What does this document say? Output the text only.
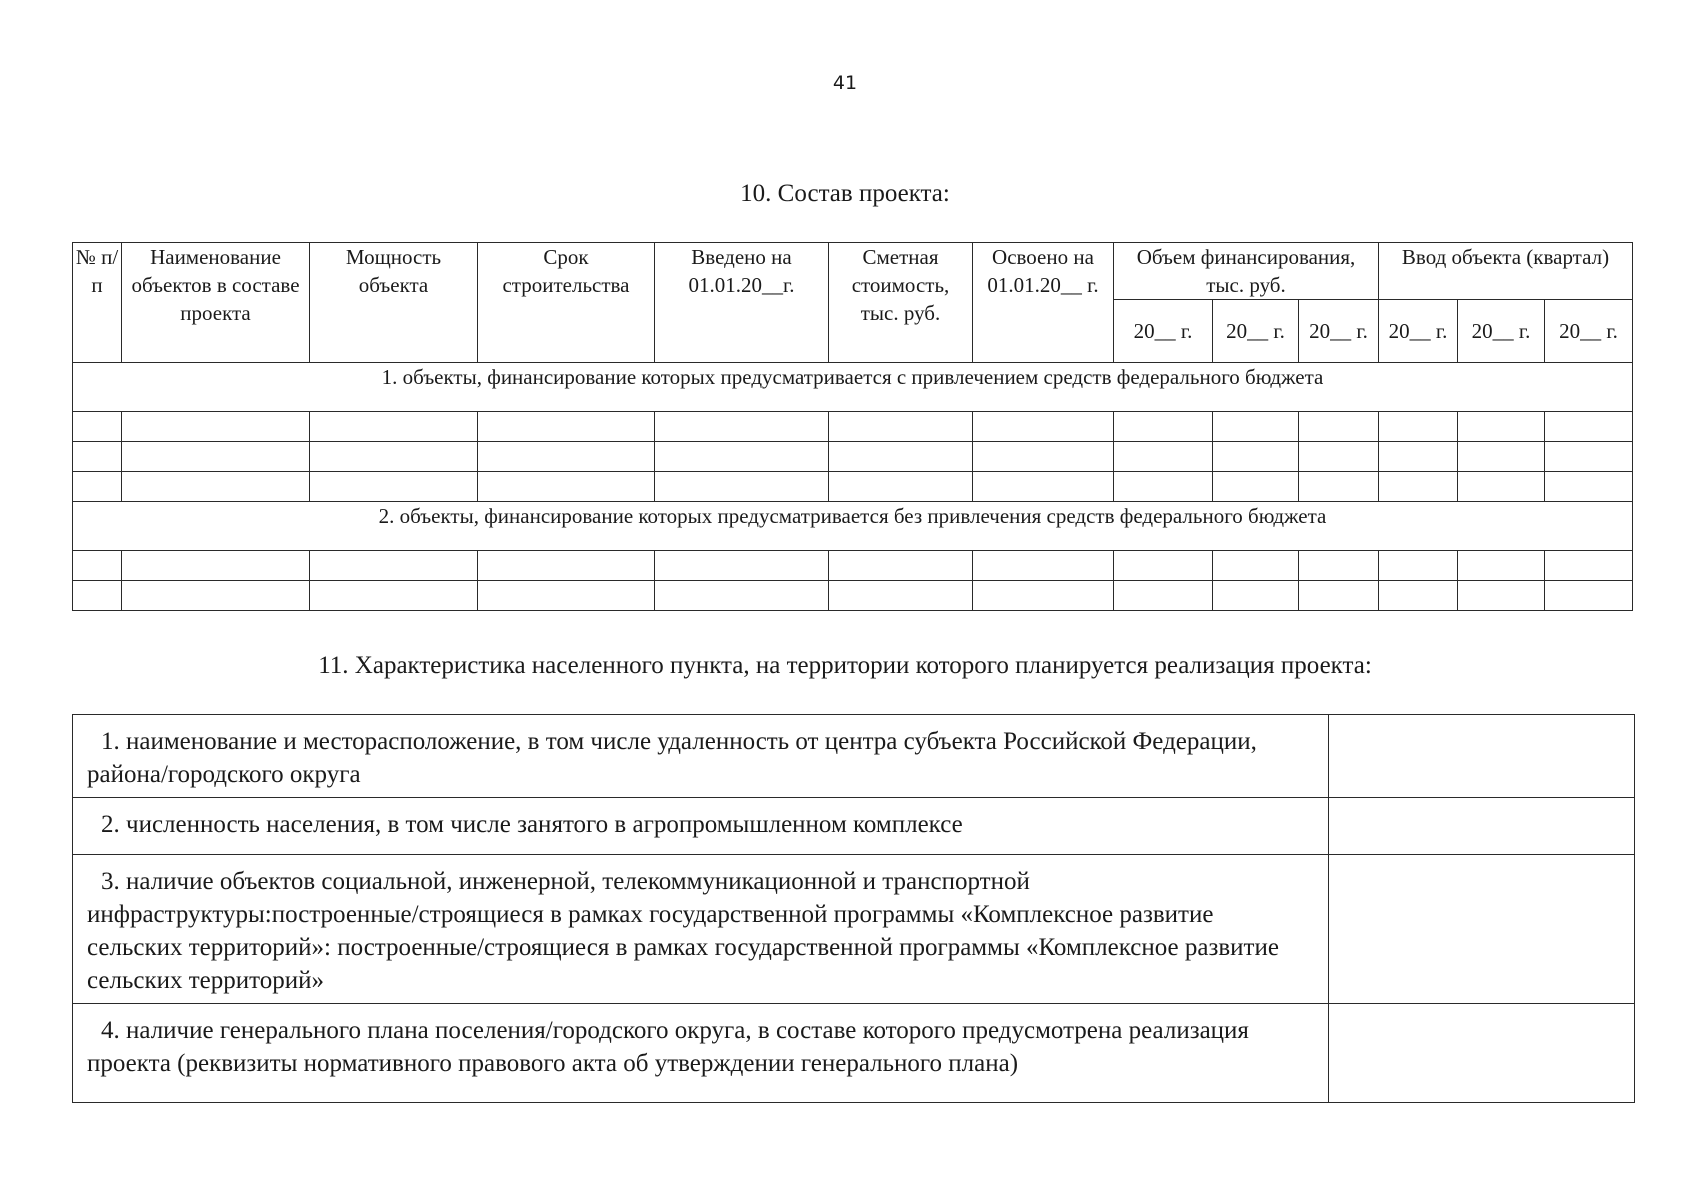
41
10. Состав проекта:
№ п/п	Наименование объектов в составе проекта	Мощность объекта	Срок строительства	Введено на 01.01.20__г.	Сметная стоимость, тыс. руб.	Освоено на 01.01.20__ г.	Объем финансирования, тыс. руб.			Ввод объекта (квартал)		
							20__ г.	20__ г.	20__ г.	20__ г.	20__ г.	20__ г.
1. объекты, финансирование которых предусматривается с привлечением средств федерального бюджета												

2. объекты, финансирование которых предусматривается без привлечения средств федерального бюджета												

11. Характеристика населенного пункта, на территории которого планируется реализация проекта:
1. наименование и месторасположение, в том числе удаленность от центра субъекта Российской Федерации, района/городского округа	
2. численность населения, в том числе занятого в агропромышленном комплексе	
3. наличие объектов социальной, инженерной, телекоммуникационной и транспортной инфраструктуры:построенные/строящиеся в рамках государственной программы «Комплексное развитие сельских территорий»: построенные/строящиеся в рамках государственной программы «Комплексное развитие сельских территорий»	
4. наличие генерального плана поселения/городского округа, в составе которого предусмотрена реализация проекта (реквизиты нормативного правового акта об утверждении генерального плана)	
